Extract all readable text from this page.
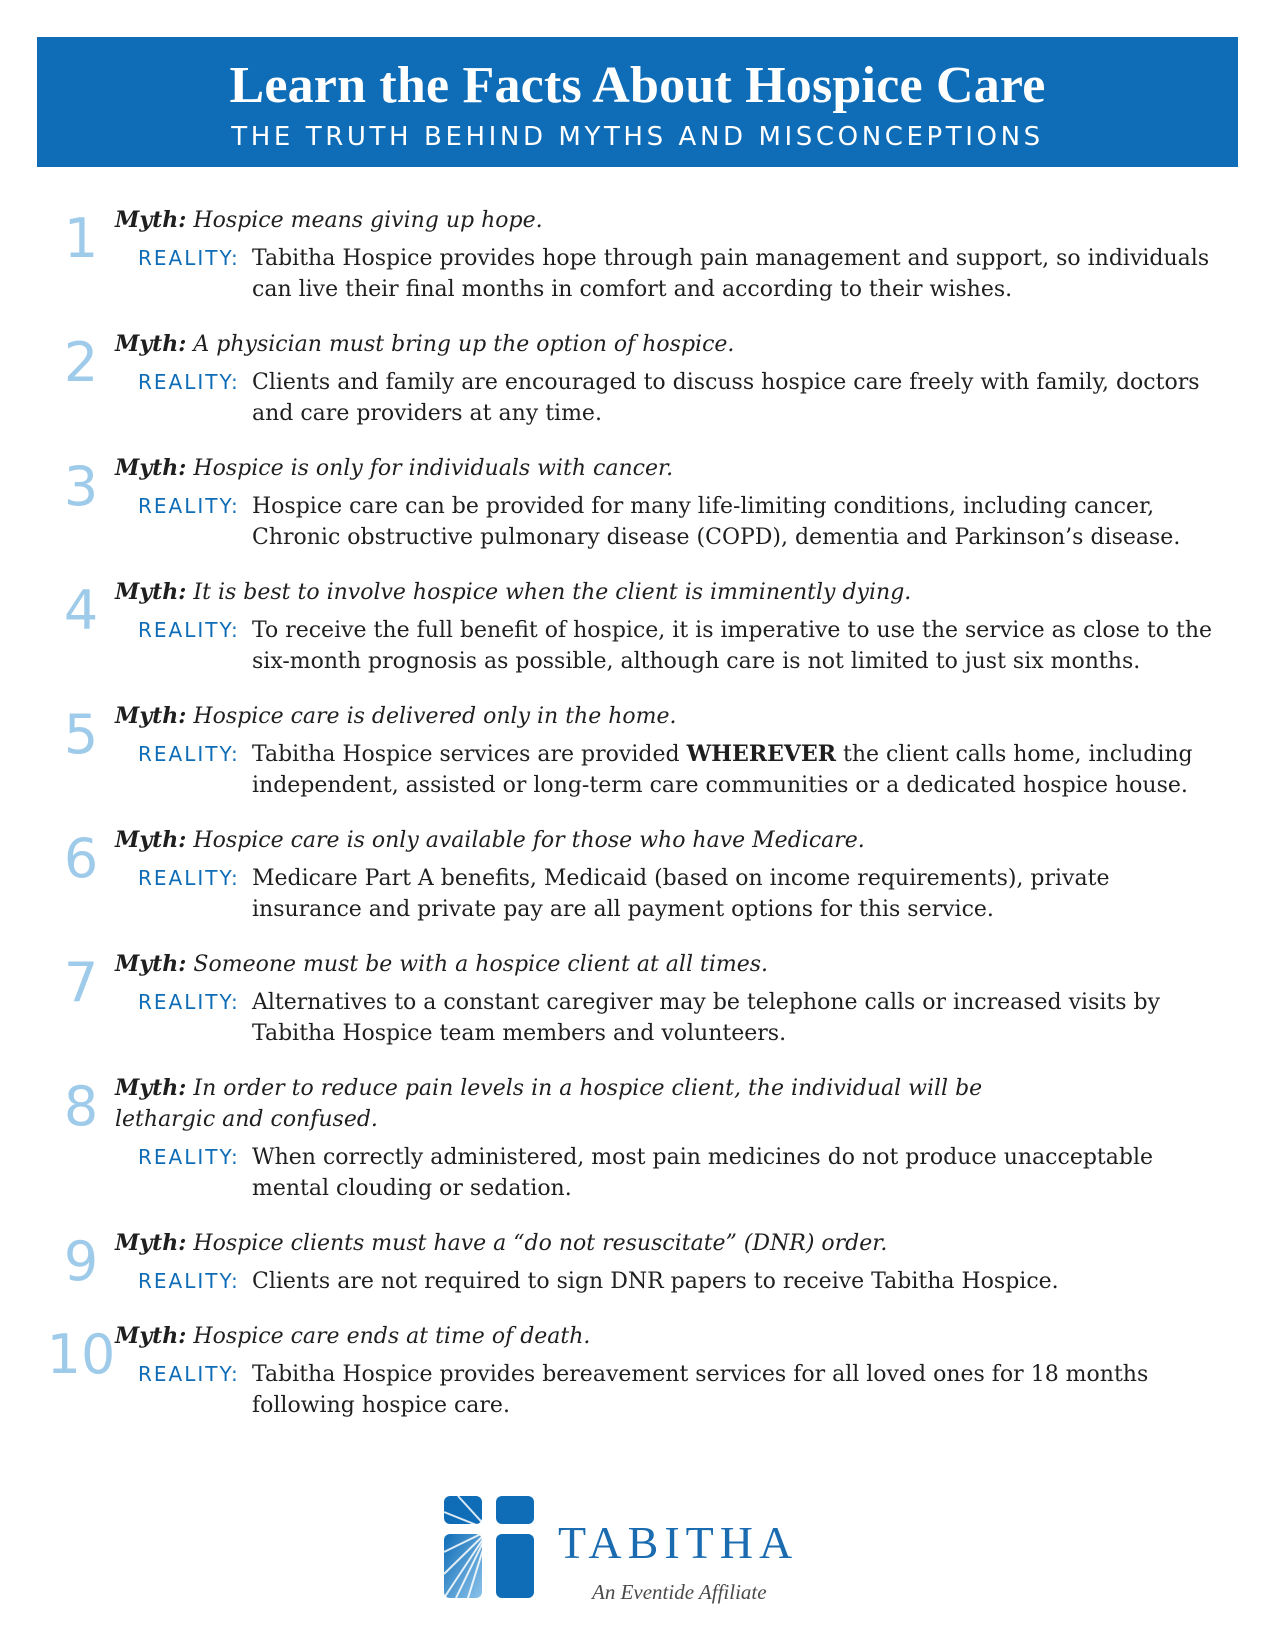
Learn the Facts About Hospice Care
THE TRUTH BEHIND MYTHS AND MISCONCEPTIONS
1 Myth: Hospice means giving up hope.
REALITY: Tabitha Hospice provides hope through pain management and support, so individuals can live their final months in comfort and according to their wishes.
2 Myth: A physician must bring up the option of hospice.
REALITY: Clients and family are encouraged to discuss hospice care freely with family, doctors and care providers at any time.
3 Myth: Hospice is only for individuals with cancer.
REALITY: Hospice care can be provided for many life-limiting conditions, including cancer, Chronic obstructive pulmonary disease (COPD), dementia and Parkinson’s disease.
4 Myth: It is best to involve hospice when the client is imminently dying.
REALITY: To receive the full benefit of hospice, it is imperative to use the service as close to the six-month prognosis as possible, although care is not limited to just six months.
5 Myth: Hospice care is delivered only in the home.
REALITY: Tabitha Hospice services are provided WHEREVER the client calls home, including independent, assisted or long-term care communities or a dedicated hospice house.
6 Myth: Hospice care is only available for those who have Medicare.
REALITY: Medicare Part A benefits, Medicaid (based on income requirements), private insurance and private pay are all payment options for this service.
7 Myth: Someone must be with a hospice client at all times.
REALITY: Alternatives to a constant caregiver may be telephone calls or increased visits by Tabitha Hospice team members and volunteers.
8 Myth: In order to reduce pain levels in a hospice client, the individual will be lethargic and confused.
REALITY: When correctly administered, most pain medicines do not produce unacceptable mental clouding or sedation.
9 Myth: Hospice clients must have a “do not resuscitate” (DNR) order.
REALITY: Clients are not required to sign DNR papers to receive Tabitha Hospice.
10 Myth: Hospice care ends at time of death.
REALITY: Tabitha Hospice provides bereavement services for all loved ones for 18 months following hospice care.
TABITHA
An Eventide Affiliate
